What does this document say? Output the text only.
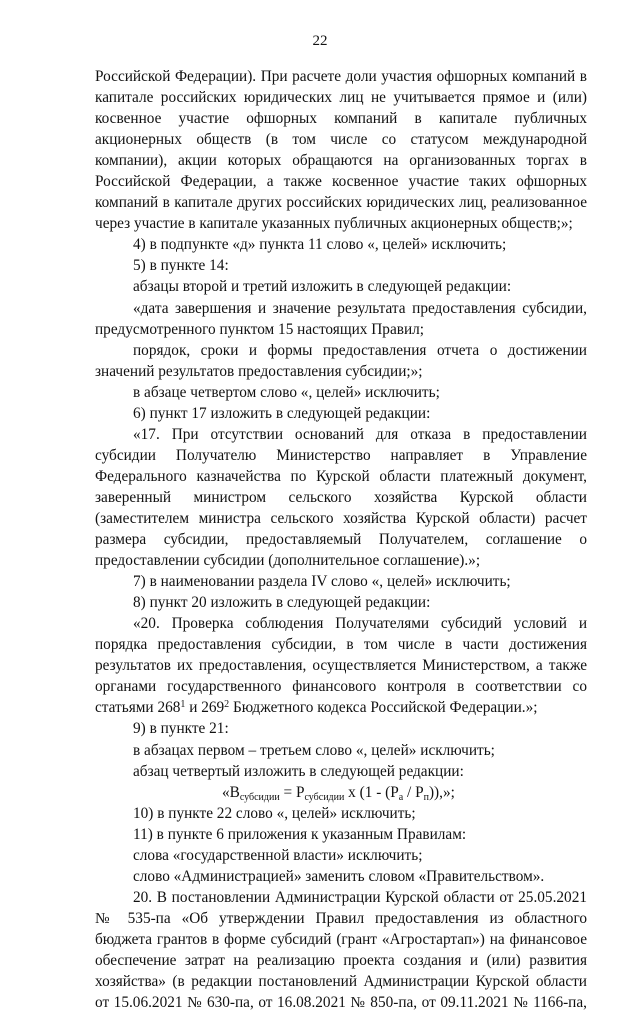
22

Российской Федерации). При расчете доли участия офшорных компаний в

капитале российских юридических лиц не учитывается прямое и (или)

косвенное участие офшорных компаний в капитале публичных

акционерных обществ (в том числе со статусом международной

компании), акции которых обращаются на организованных торгах в

Российской Федерации, а также косвенное участие таких офшорных

компаний в капитале других российских юридических лиц, реализованное

через участие в капитале указанных публичных акционерных обществ;»;

4) в подпункте «д» пункта 11 слово «, целей» исключить;

5) в пункте 14:

абзацы второй и третий изложить в следующей редакции:

«дата завершения и значение результата предоставления субсидии,

предусмотренного пунктом 15 настоящих Правил;

порядок, сроки и формы предоставления отчета о достижении

значений результатов предоставления субсидии;»;

в абзаце четвертом слово «, целей» исключить;

6) пункт 17 изложить в следующей редакции:

«17. При отсутствии оснований для отказа в предоставлении

субсидии Получателю Министерство направляет в Управление

Федерального казначейства по Курской области платежный документ,

заверенный министром сельского хозяйства Курской области

(заместителем министра сельского хозяйства Курской области) расчет

размера субсидии, предоставляемый Получателем, соглашение о

предоставлении субсидии (дополнительное соглашение).»;

7) в наименовании раздела IV слово «, целей» исключить;

8) пункт 20 изложить в следующей редакции:

«20. Проверка соблюдения Получателями субсидий условий и

порядка предоставления субсидии, в том числе в части достижения

результатов их предоставления, осуществляется Министерством, а также

органами государственного финансового контроля в соответствии со

статьями $268^1$ и $269^2$ Бюджетного кодекса Российской Федерации.»;

9) в пункте 21:

в абзацах первом – третьем слово «, целей» исключить;

абзац четвертый изложить в следующей редакции:

«$В_{субсидии} = Р_{субсидии}$ х $(1 - (Р_а / Р_п))$,»;

10) в пункте 22 слово «, целей» исключить;

11) в пункте 6 приложения к указанным Правилам:

слова «государственной власти» исключить;

слово «Администрацией» заменить словом «Правительством».

20. В постановлении Администрации Курской области от 25.05.2021

№ 535-па «Об утверждении Правил предоставления из областного

бюджета грантов в форме субсидий (грант «Агростартап») на финансовое

обеспечение затрат на реализацию проекта создания и (или) развития

хозяйства» (в редакции постановлений Администрации Курской области

от 15.06.2021 № 630-па, от 16.08.2021 № 850-па, от 09.11.2021 № 1166-па,
